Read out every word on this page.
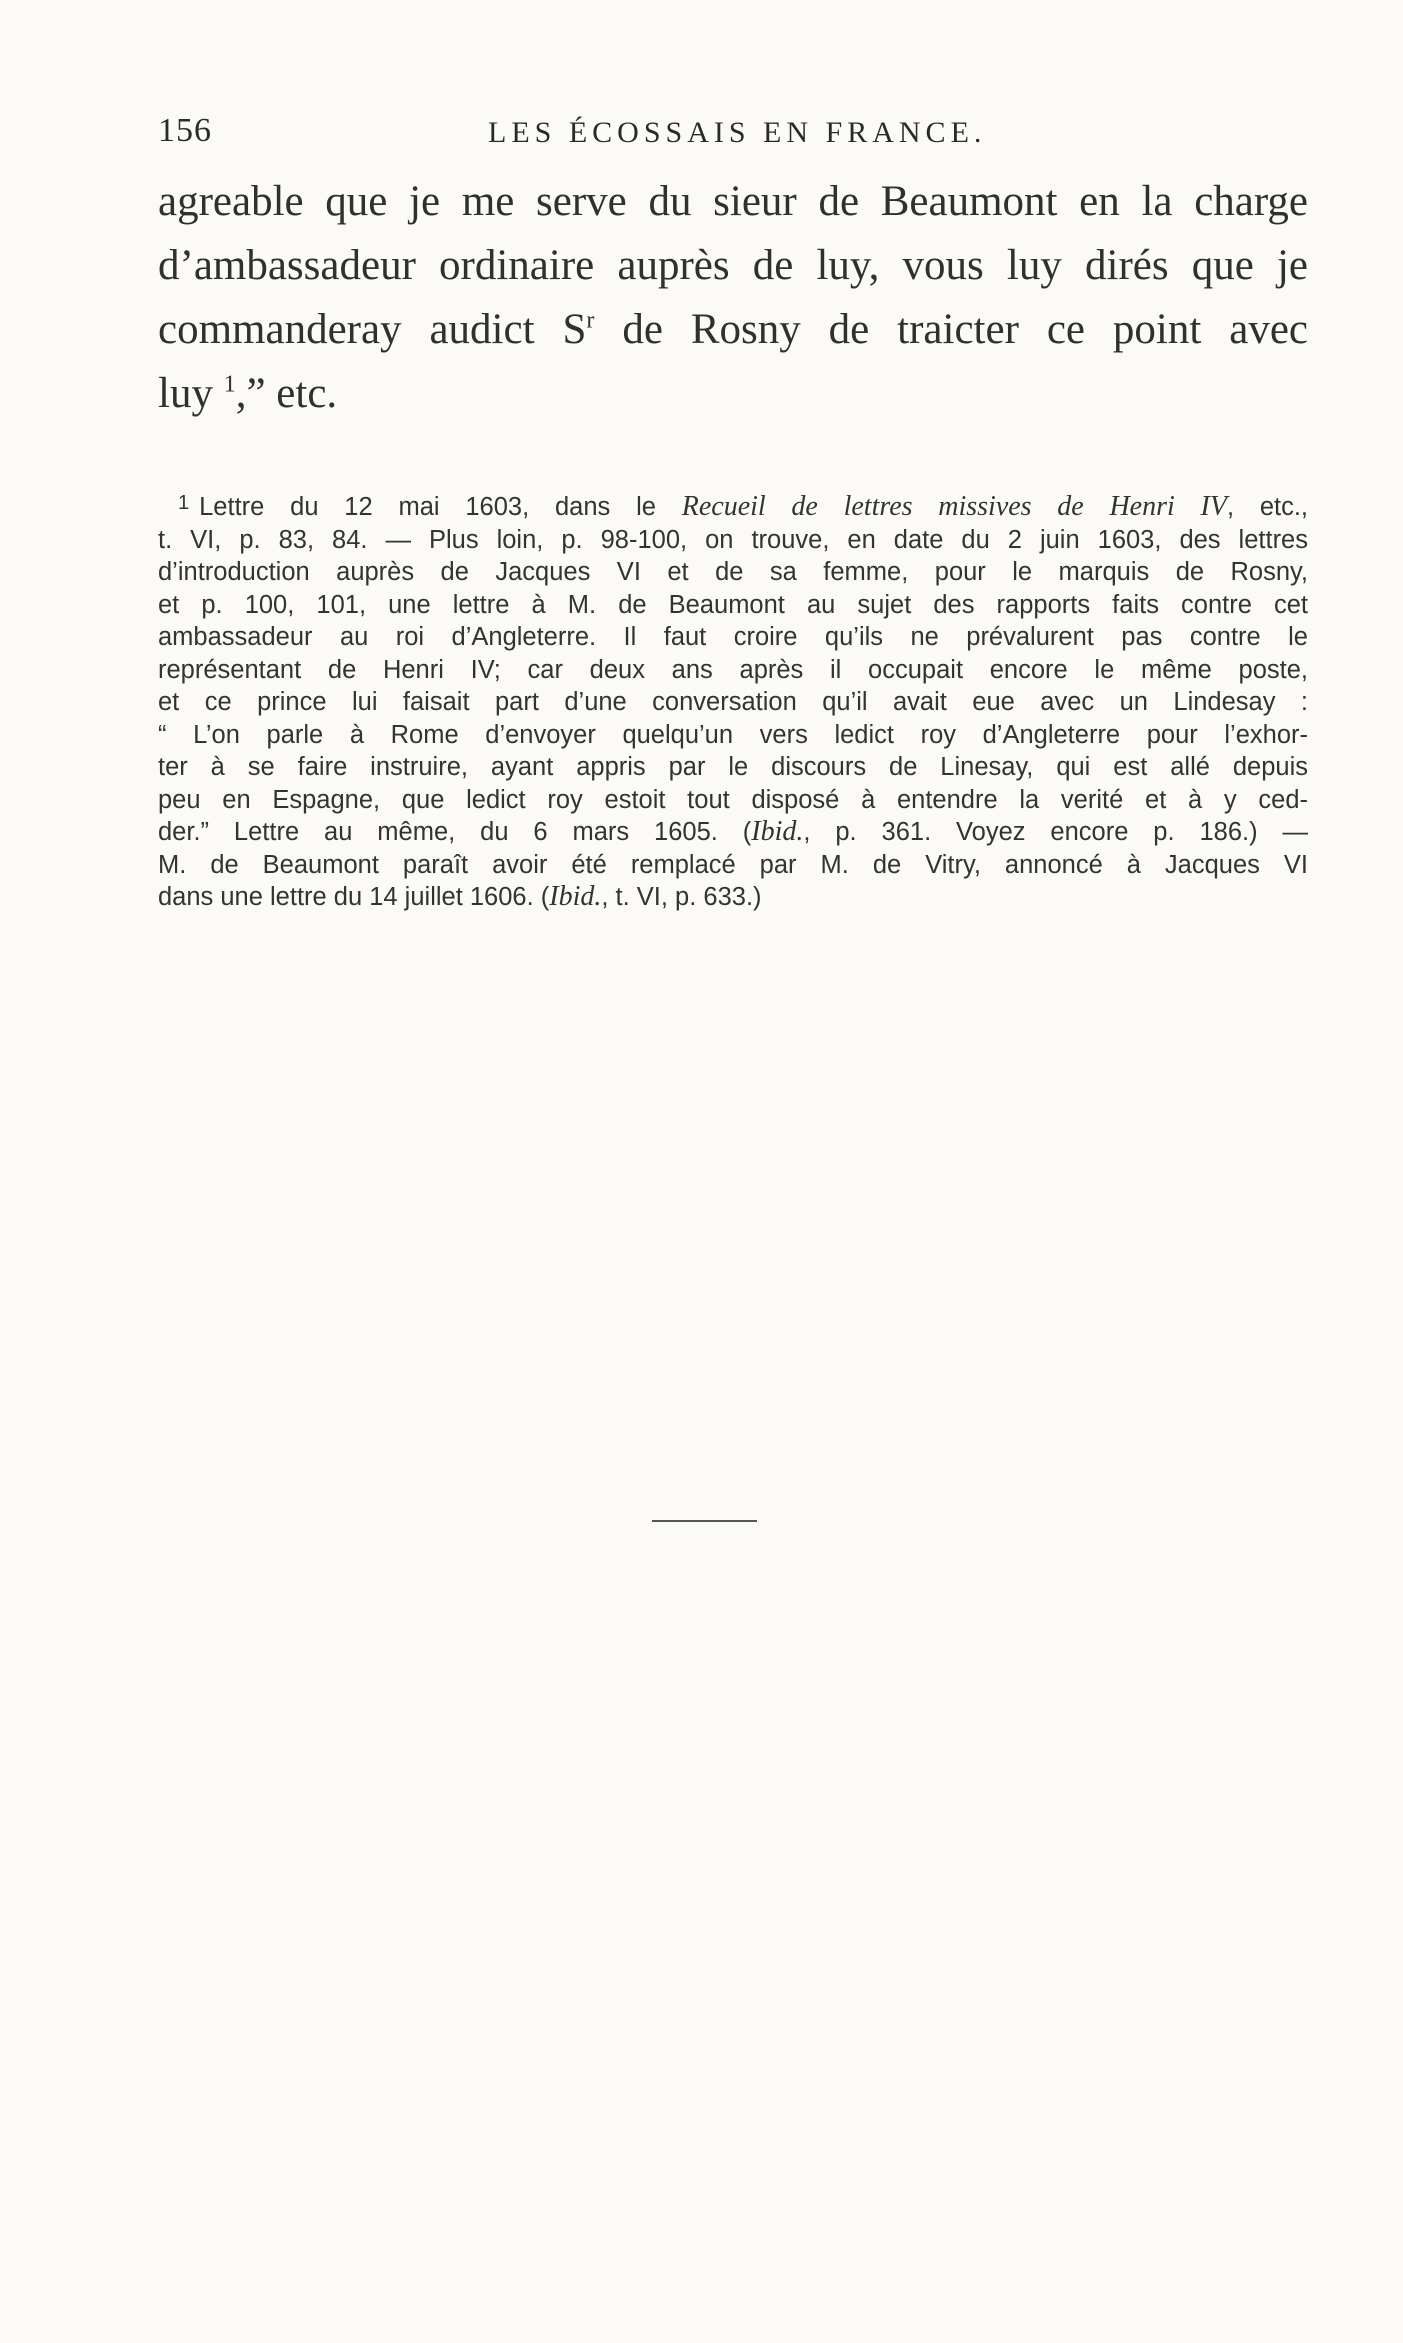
156	LES ÉCOSSAIS EN FRANCE.
agreable que je me serve du sieur de Beaumont en la charge
d’ambassadeur ordinaire auprès de luy, vous luy dirés que je
commanderay audict $S^r$ de Rosny de traicter ce point avec
luy $^1$,” etc.
$^1$ Lettre du 12 mai 1603, dans le Recueil de lettres missives de Henri IV, etc.,
t. VI, p. 83, 84. — Plus loin, p. 98-100, on trouve, en date du 2 juin 1603, des lettres
d’introduction auprès de Jacques VI et de sa femme, pour le marquis de Rosny,
et p. 100, 101, une lettre à M. de Beaumont au sujet des rapports faits contre cet
ambassadeur au roi d’Angleterre. Il faut croire qu’ils ne prévalurent pas contre le
représentant de Henri IV; car deux ans après il occupait encore le même poste,
et ce prince lui faisait part d’une conversation qu’il avait eue avec un Lindesay :
“ L’on parle à Rome d’envoyer quelqu’un vers ledict roy d’Angleterre pour l’exhor-
ter à se faire instruire, ayant appris par le discours de Linesay, qui est allé depuis
peu en Espagne, que ledict roy estoit tout disposé à entendre la verité et à y ced-
der.” Lettre au même, du 6 mars 1605. (Ibid., p. 361. Voyez encore p. 186.) —
M. de Beaumont paraît avoir été remplacé par M. de Vitry, annoncé à Jacques VI
dans une lettre du 14 juillet 1606. (Ibid., t. VI, p. 633.)
